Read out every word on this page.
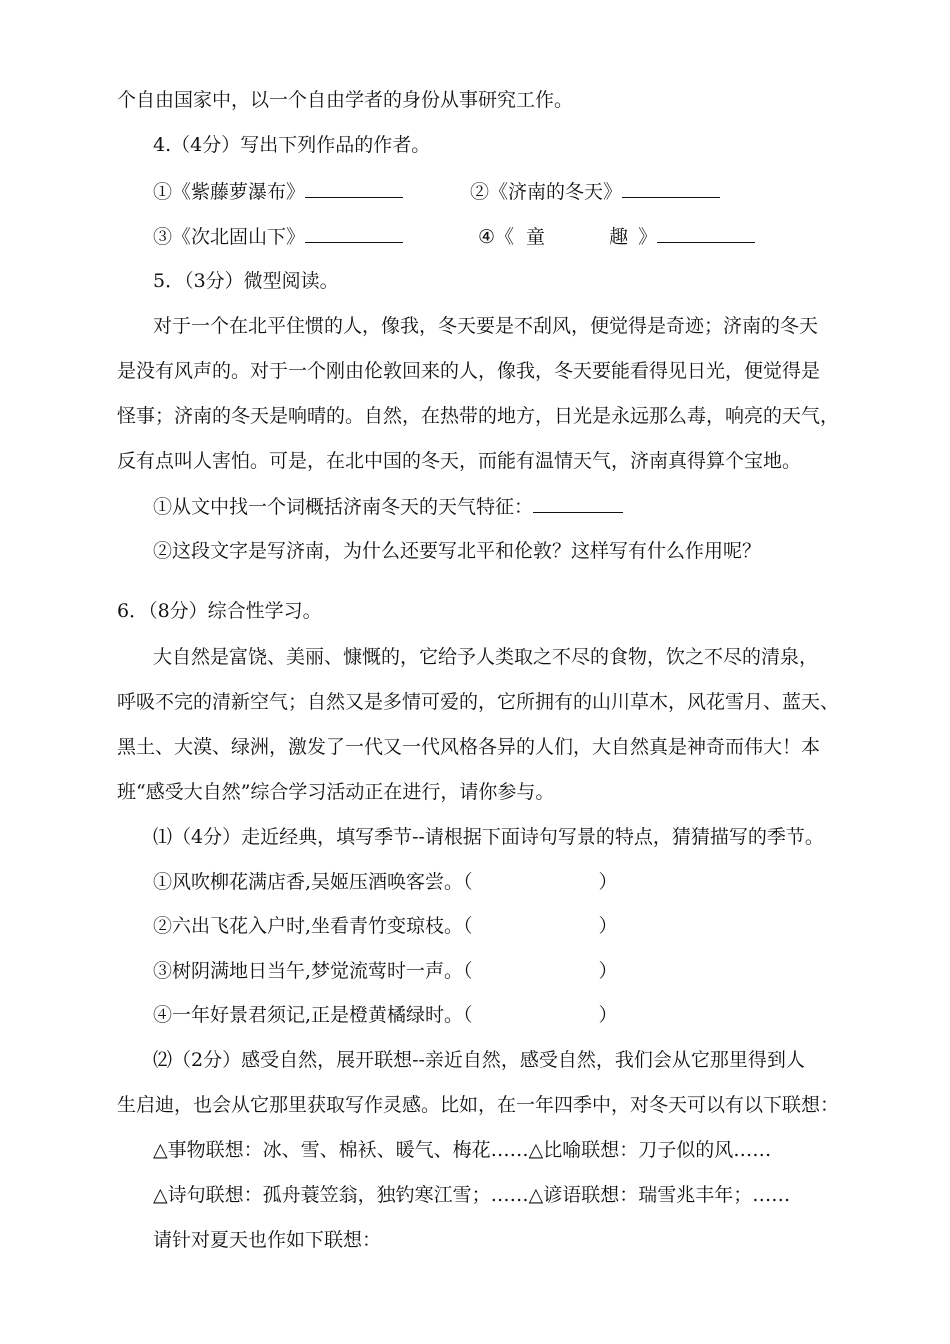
个自由国家中，以一个自由学者的身份从事研究工作。
4.（4分）写出下列作品的作者。
①《紫藤萝瀑布》	②《济南的冬天》
③《次北固山下》	④《 童	趣 》
5．（3分）微型阅读。
对于一个在北平住惯的人，像我，冬天要是不刮风，便觉得是奇迹；济南的冬天
是没有风声的。对于一个刚由伦敦回来的人，像我，冬天要能看得见日光，便觉得是
怪事；济南的冬天是响晴的。自然，在热带的地方，日光是永远那么毒，响亮的天气，
反有点叫人害怕。可是，在北中国的冬天，而能有温情天气，济南真得算个宝地。
①从文中找一个词概括济南冬天的天气特征：
②这段文字是写济南，为什么还要写北平和伦敦？这样写有什么作用呢？
6．（8分）综合性学习。
大自然是富饶、美丽、慷慨的，它给予人类取之不尽的食物，饮之不尽的清泉，
呼吸不完的清新空气；自然又是多情可爱的，它所拥有的山川草木，风花雪月、蓝天、
黑土、大漠、绿洲，激发了一代又一代风格各异的人们，大自然真是神奇而伟大！本
班“感受大自然”综合学习活动正在进行，请你参与。
⑴（4分）走近经典，填写季节--请根据下面诗句写景的特点，猜猜描写的季节。
①风吹柳花满店香,吴姬压酒唤客尝。（	）
②六出飞花入户时,坐看青竹变琼枝。（	）
③树阴满地日当午,梦觉流莺时一声。（	）
④一年好景君须记,正是橙黄橘绿时。（	）
⑵（2分）感受自然，展开联想--亲近自然，感受自然，我们会从它那里得到人
生启迪，也会从它那里获取写作灵感。比如，在一年四季中，对冬天可以有以下联想：
△事物联想：冰、雪、棉袄、暖气、梅花……△比喻联想：刀子似的风……
△诗句联想：孤舟蓑笠翁，独钓寒江雪；……△谚语联想：瑞雪兆丰年；……
请针对夏天也作如下联想：
